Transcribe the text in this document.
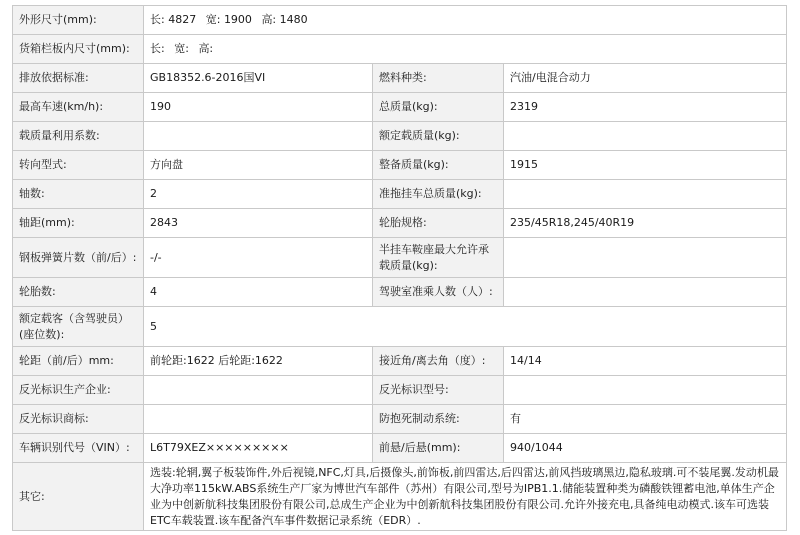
外形尺寸(mm):	长: 4827 宽: 1900 高: 1480		
货箱栏板内尺寸(mm):	长: 宽: 高:		
排放依据标准:	GB18352.6-2016国VI	燃料种类:	汽油/电混合动力
最高车速(km/h):	190	总质量(kg):	2319
载质量利用系数:		额定载质量(kg):	
转向型式:	方向盘	整备质量(kg):	1915
轴数:	2	准拖挂车总质量(kg):	
轴距(mm):	2843	轮胎规格:	235/45R18,245/40R19
钢板弹簧片数（前/后）:	-/-	半挂车鞍座最大允许承载质量(kg):	
轮胎数:	4	驾驶室准乘人数（人）:	
额定载客（含驾驶员）(座位数):	5		
轮距（前/后）mm:	前轮距:1622 后轮距:1622	接近角/离去角（度）:	14/14
反光标识生产企业:		反光标识型号:	
反光标识商标:		防抱死制动系统:	有
车辆识别代号（VIN）:	L6T79XEZ×××××××××	前悬/后悬(mm):	940/1044
其它:	选装:轮辋,翼子板装饰件,外后视镜,NFC,灯具,后摄像头,前饰板,前四雷达,后四雷达,前风挡玻璃黑边,隐私玻璃.可不装尾翼.发动机最大净功率115kW.ABS系统生产厂家为博世汽车部件（苏州）有限公司,型号为IPB1.1.储能装置种类为磷酸铁锂蓄电池,单体生产企业为中创新航科技集团股份有限公司,总成生产企业为中创新航科技集团股份有限公司.允许外接充电,具备纯电动模式.该车可选装ETC车载装置.该车配备汽车事件数据记录系统（EDR）.		
